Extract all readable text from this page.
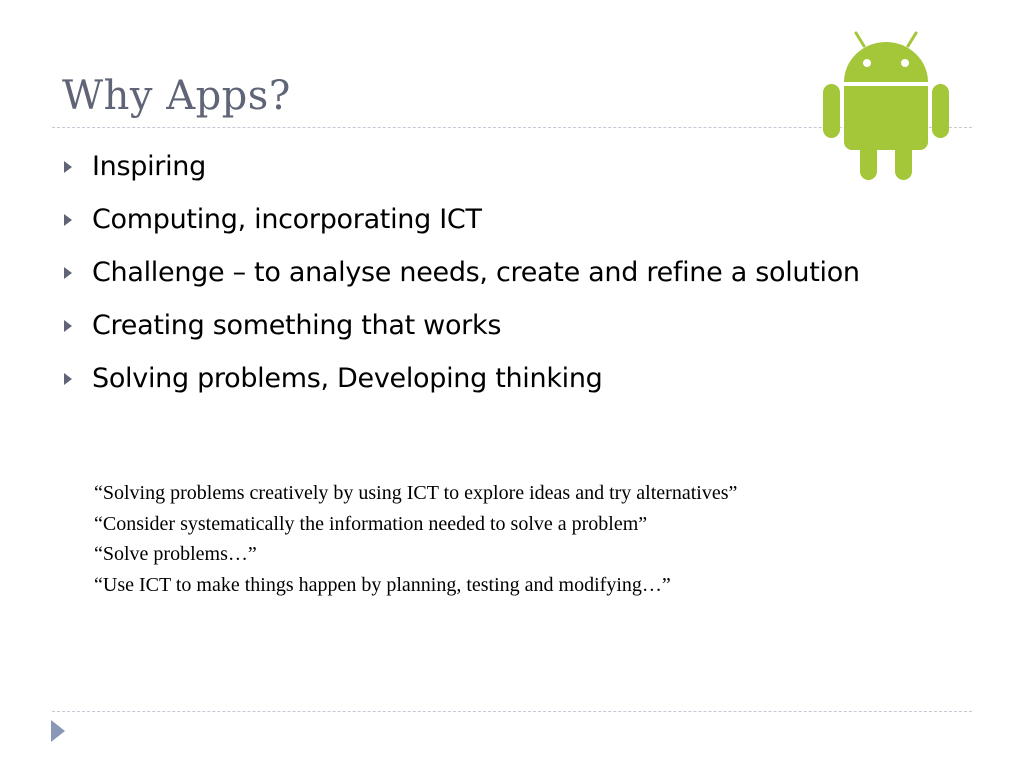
Why Apps?
Inspiring
Computing, incorporating ICT
Challenge – to analyse needs, create and refine a solution
Creating something that works
Solving problems, Developing thinking
“Solving problems creatively by using ICT to explore ideas and try alternatives”
“Consider systematically the information needed to solve a problem”
“Solve problems…”
“Use ICT to make things happen by planning, testing and modifying…”
